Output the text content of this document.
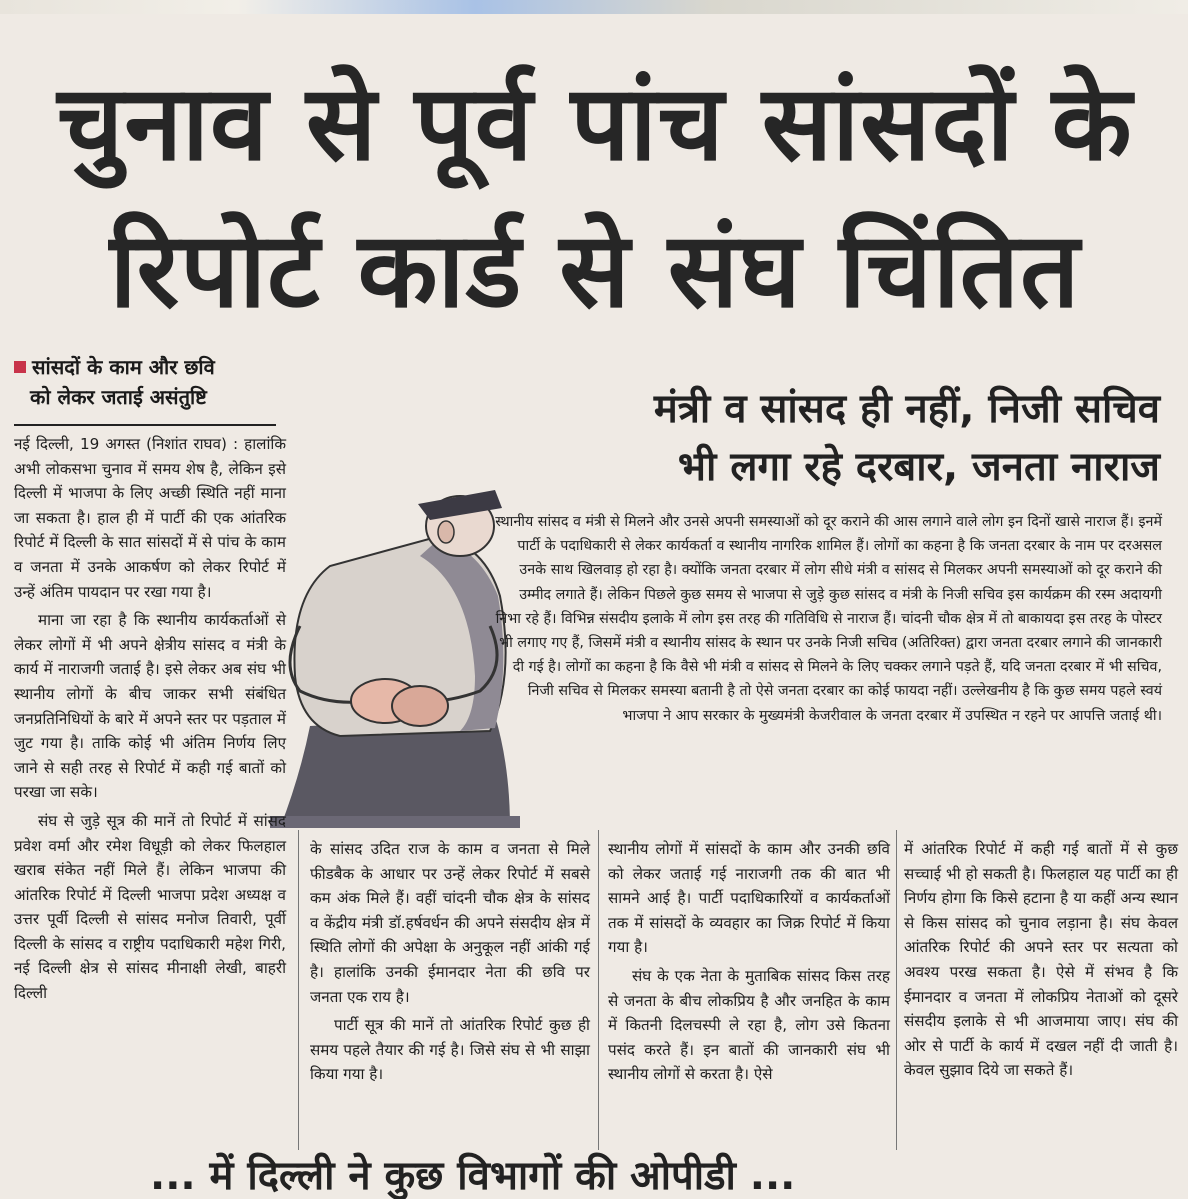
चुनाव से पूर्व पांच सांसदों के
रिपोर्ट कार्ड से संघ चिंतित
सांसदों के काम और छवि
को लेकर जताई असंतुष्टि	मंत्री व सांसद ही नहीं, निजी सचिव
भी लगा रहे दरबार, जनता नाराज
स्थानीय सांसद व मंत्री से मिलने और उनसे अपनी समस्याओं को दूर कराने की आस लगाने वाले लोग इन दिनों खासे नाराज हैं। इनमें पार्टी के पदाधिकारी से लेकर कार्यकर्ता व स्थानीय नागरिक शामिल हैं। लोगों का कहना है कि जनता दरबार के नाम पर दरअसल उनके साथ खिलवाड़ हो रहा है। क्योंकि जनता दरबार में लोग सीधे मंत्री व सांसद से मिलकर अपनी समस्याओं को दूर कराने की उम्मीद लगाते हैं। लेकिन पिछले कुछ समय से भाजपा से जुड़े कुछ सांसद व मंत्री के निजी सचिव इस कार्यक्रम की रस्म अदायगी निभा रहे हैं। विभिन्न संसदीय इलाके में लोग इस तरह की गतिविधि से नाराज हैं। चांदनी चौक क्षेत्र में तो बाकायदा इस तरह के पोस्टर भी लगाए गए हैं, जिसमें मंत्री व स्थानीय सांसद के स्थान पर उनके निजी सचिव (अतिरिक्त) द्वारा जनता दरबार लगाने की जानकारी दी गई है। लोगों का कहना है कि वैसे भी मंत्री व सांसद से मिलने के लिए चक्कर लगाने पड़ते हैं, यदि जनता दरबार में भी सचिव, निजी सचिव से मिलकर समस्या बतानी है तो ऐसे जनता दरबार का कोई फायदा नहीं। उल्लेखनीय है कि कुछ समय पहले स्वयं भाजपा ने आप सरकार के मुख्यमंत्री केजरीवाल के जनता दरबार में उपस्थित न रहने पर आपत्ति जताई थी।

नई दिल्ली, 19 अगस्त (निशांत राघव) : हालांकि अभी लोकसभा चुनाव में समय शेष है, लेकिन इसे दिल्ली में भाजपा के लिए अच्छी स्थिति नहीं माना जा सकता है। हाल ही में पार्टी की एक आंतरिक रिपोर्ट में दिल्ली के सात सांसदों में से पांच के काम व जनता में उनके आकर्षण को लेकर रिपोर्ट में उन्हें अंतिम पायदान पर रखा गया है।

माना जा रहा है कि स्थानीय कार्यकर्ताओं से लेकर लोगों में भी अपने क्षेत्रीय सांसद व मंत्री के कार्य में नाराजगी जताई है। इसे लेकर अब संघ भी स्थानीय लोगों के बीच जाकर सभी संबंधित जनप्रतिनिधियों के बारे में अपने स्तर पर पड़ताल में जुट गया है। ताकि कोई भी अंतिम निर्णय लिए जाने से सही तरह से रिपोर्ट में कही गई बातों को परखा जा सके।

संघ से जुड़े सूत्र की मानें तो रिपोर्ट में सांसद प्रवेश वर्मा और रमेश विधूड़ी को लेकर फिलहाल खराब संकेत नहीं मिले हैं। लेकिन भाजपा की आंतरिक रिपोर्ट में दिल्ली भाजपा प्रदेश अध्यक्ष व उत्तर पूर्वी दिल्ली से सांसद मनोज तिवारी, पूर्वी दिल्ली के सांसद व राष्ट्रीय पदाधिकारी महेश गिरी, नई दिल्ली क्षेत्र से सांसद मीनाक्षी लेखी, बाहरी दिल्ली

के सांसद उदित राज के काम व जनता से मिले फीडबैक के आधार पर उन्हें लेकर रिपोर्ट में सबसे कम अंक मिले हैं। वहीं चांदनी चौक क्षेत्र के सांसद व केंद्रीय मंत्री डॉ.हर्षवर्धन की अपने संसदीय क्षेत्र में स्थिति लोगों की अपेक्षा के अनुकूल नहीं आंकी गई है। हालांकि उनकी ईमानदार नेता की छवि पर जनता एक राय है।

पार्टी सूत्र की मानें तो आंतरिक रिपोर्ट कुछ ही समय पहले तैयार की गई है। जिसे संघ से भी साझा किया गया है।

स्थानीय लोगों में सांसदों के काम और उनकी छवि को लेकर जताई गई नाराजगी तक की बात भी सामने आई है। पार्टी पदाधिकारियों व कार्यकर्ताओं तक में सांसदों के व्यवहार का जिक्र रिपोर्ट में किया गया है।

संघ के एक नेता के मुताबिक सांसद किस तरह से जनता के बीच लोकप्रिय है और जनहित के काम में कितनी दिलचस्पी ले रहा है, लोग उसे कितना पसंद करते हैं। इन बातों की जानकारी संघ भी स्थानीय लोगों से करता है। ऐसे

में आंतरिक रिपोर्ट में कही गई बातों में से कुछ सच्चाई भी हो सकती है। फिलहाल यह पार्टी का ही निर्णय होगा कि किसे हटाना है या कहीं अन्य स्थान से किस सांसद को चुनाव लड़ाना है। संघ केवल आंतरिक रिपोर्ट की अपने स्तर पर सत्यता को अवश्य परख सकता है। ऐसे में संभव है कि ईमानदार व जनता में लोकप्रिय नेताओं को दूसरे संसदीय इलाके से भी आजमाया जाए। संघ की ओर से पार्टी के कार्य में दखल नहीं दी जाती है। केवल सुझाव दिये जा सकते हैं।

... में दिल्ली ने कुछ विभागों की ओपीडी ...
